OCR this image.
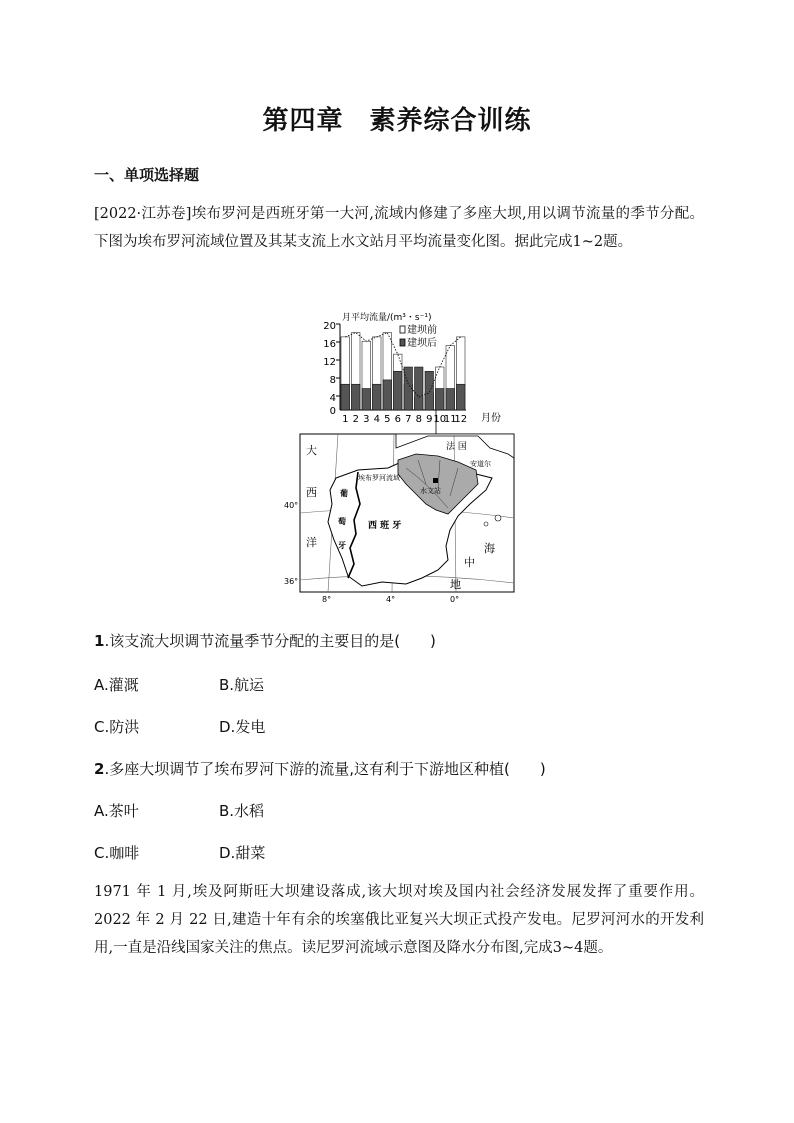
第四章 素养综合训练
一、单项选择题
[2022·江苏卷]埃布罗河是西班牙第一大河,流域内修建了多座大坝,用以调节流量的季节分配。下图为埃布罗河流域位置及其某支流上水文站月平均流量变化图。据此完成1~2题。
月平均流量/(m³・s⁻¹)
20
16
12
8
4
0
1 2 3 4 5 6 7 8 9 10
11
12 月份
建坝前
建坝后
大
西
洋	海
中
地
法 国
安道尔
葡
萄
牙
西 班 牙
埃布罗河流域
水文站
40°
36°
8°	4°	0°
1.该支流大坝调节流量季节分配的主要目的是(　　)
A.灌溉	B.航运
C.防洪	D.发电
2.多座大坝调节了埃布罗河下游的流量,这有利于下游地区种植(　　)
A.茶叶	B.水稻
C.咖啡	D.甜菜
1971 年 1 月,埃及阿斯旺大坝建设落成,该大坝对埃及国内社会经济发展发挥了重要作用。2022 年 2 月 22 日,建造十年有余的埃塞俄比亚复兴大坝正式投产发电。尼罗河河水的开发利用,一直是沿线国家关注的焦点。读尼罗河流域示意图及降水分布图,完成3~4题。
